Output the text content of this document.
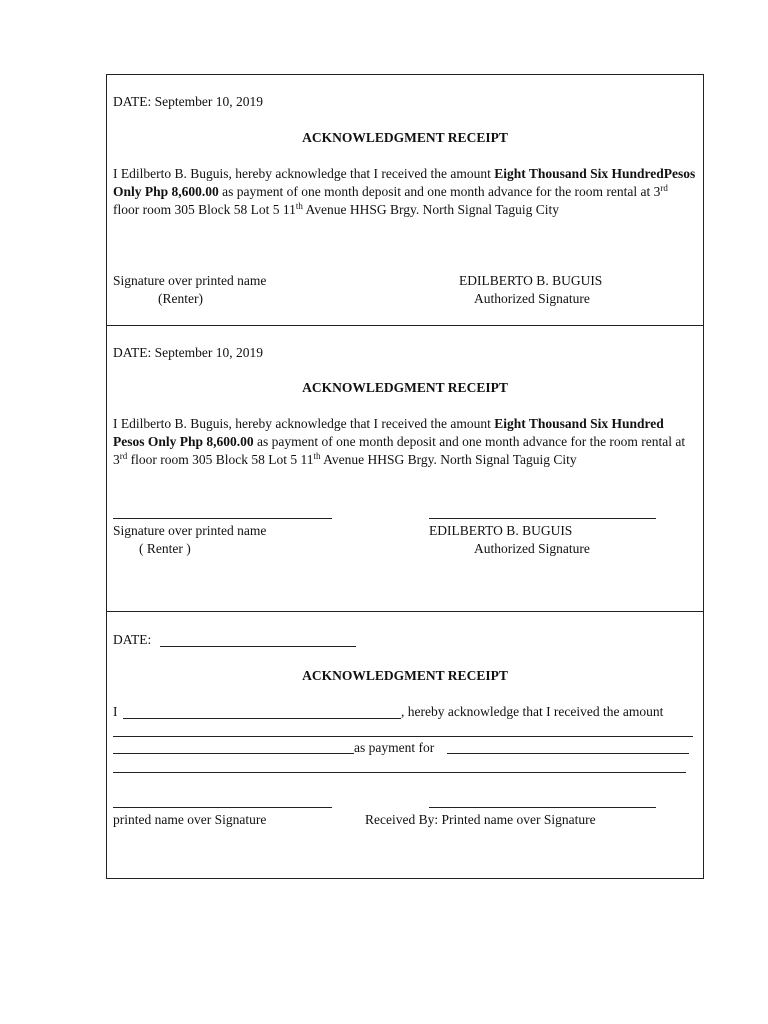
DATE: September 10, 2019
ACKNOWLEDGMENT RECEIPT
I Edilberto B. Buguis, hereby acknowledge that I received the amount Eight Thousand Six HundredPesos Only Php 8,600.00 as payment of one month deposit and one month advance for the room rental at 3rd floor room 305 Block 58 Lot 5 11th Avenue HHSG Brgy. North Signal Taguig City
Signature over printed name
(Renter)
EDILBERTO B. BUGUIS
Authorized Signature
DATE: September 10, 2019
ACKNOWLEDGMENT RECEIPT
I Edilberto B. Buguis, hereby acknowledge that I received the amount Eight Thousand Six Hundred Pesos Only Php 8,600.00 as payment of one month deposit and one month advance for the room rental at 3rd floor room 305 Block 58 Lot 5 11th Avenue HHSG Brgy. North Signal Taguig City
Signature over printed name
( Renter )
EDILBERTO B. BUGUIS
Authorized Signature
DATE:
ACKNOWLEDGMENT RECEIPT
I	, hereby acknowledge that I received the amount
as payment for
printed name over Signature	Received By: Printed name over Signature
